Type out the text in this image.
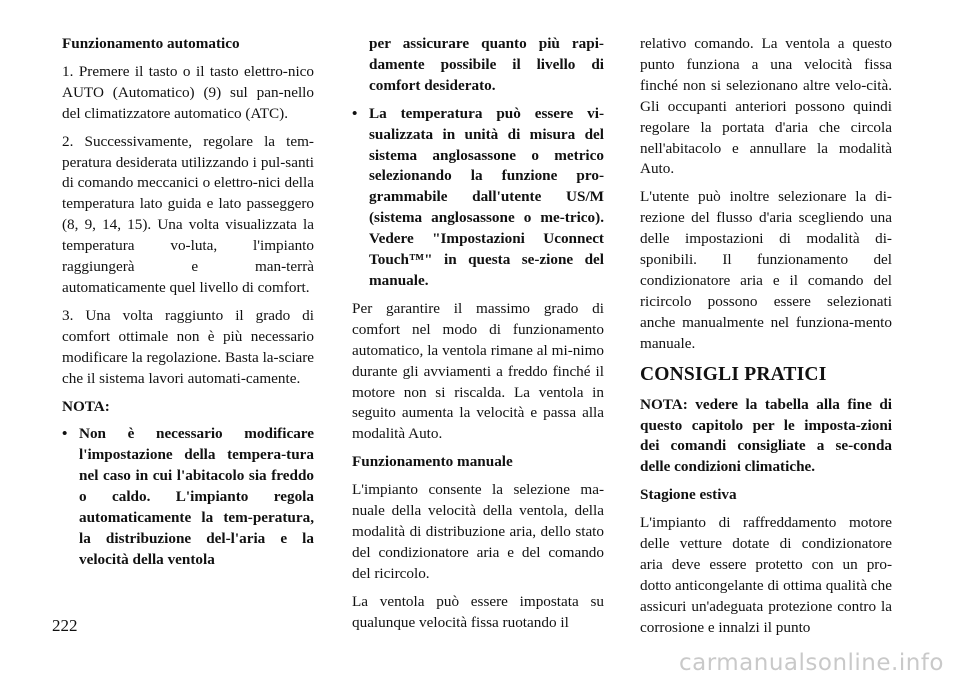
Funzionamento automatico

1. Premere il tasto o il tasto elettro-nico AUTO (Automatico) (9) sul pan-nello del climatizzatore automatico (ATC).

2. Successivamente, regolare la tem-peratura desiderata utilizzando i pul-santi di comando meccanici o elettro-nici della temperatura lato guida e lato passeggero (8, 9, 14, 15). Una volta visualizzata la temperatura vo-luta, l'impianto raggiungerà e man-terrà automaticamente quel livello di comfort.

3. Una volta raggiunto il grado di comfort ottimale non è più necessario modificare la regolazione. Basta la-sciare che il sistema lavori automati-camente.

NOTA:

• Non è necessario modificare l'impostazione della tempera-tura nel caso in cui l'abitacolo sia freddo o caldo. L'impianto regola automaticamente la tem-peratura, la distribuzione del-l'aria e la velocità della ventola

per assicurare quanto più rapi-damente possibile il livello di comfort desiderato.

• La temperatura può essere vi-sualizzata in unità di misura del sistema anglosassone o metrico selezionando la funzione pro-grammabile dall'utente US/M (sistema anglosassone o me-trico). Vedere "Impostazioni Uconnect Touch™" in questa se-zione del manuale.

Per garantire il massimo grado di comfort nel modo di funzionamento automatico, la ventola rimane al mi-nimo durante gli avviamenti a freddo finché il motore non si riscalda. La ventola in seguito aumenta la velocità e passa alla modalità Auto.

Funzionamento manuale

L'impianto consente la selezione ma-nuale della velocità della ventola, della modalità di distribuzione aria, dello stato del condizionatore aria e del comando del ricircolo.

La ventola può essere impostata su qualunque velocità fissa ruotando il

relativo comando. La ventola a questo punto funziona a una velocità fissa finché non si selezionano altre velo-cità. Gli occupanti anteriori possono quindi regolare la portata d'aria che circola nell'abitacolo e annullare la modalità Auto.

L'utente può inoltre selezionare la di-rezione del flusso d'aria scegliendo una delle impostazioni di modalità di-sponibili. Il funzionamento del condizionatore aria e il comando del ricircolo possono essere selezionati anche manualmente nel funziona-mento manuale.

CONSIGLI PRATICI

NOTA: vedere la tabella alla fine di questo capitolo per le imposta-zioni dei comandi consigliate a se-conda delle condizioni climatiche.

Stagione estiva

L'impianto di raffreddamento motore delle vetture dotate di condizionatore aria deve essere protetto con un pro-dotto anticongelante di ottima qualità che assicuri un'adeguata protezione contro la corrosione e innalzi il punto

222
carmanualsonline.info
